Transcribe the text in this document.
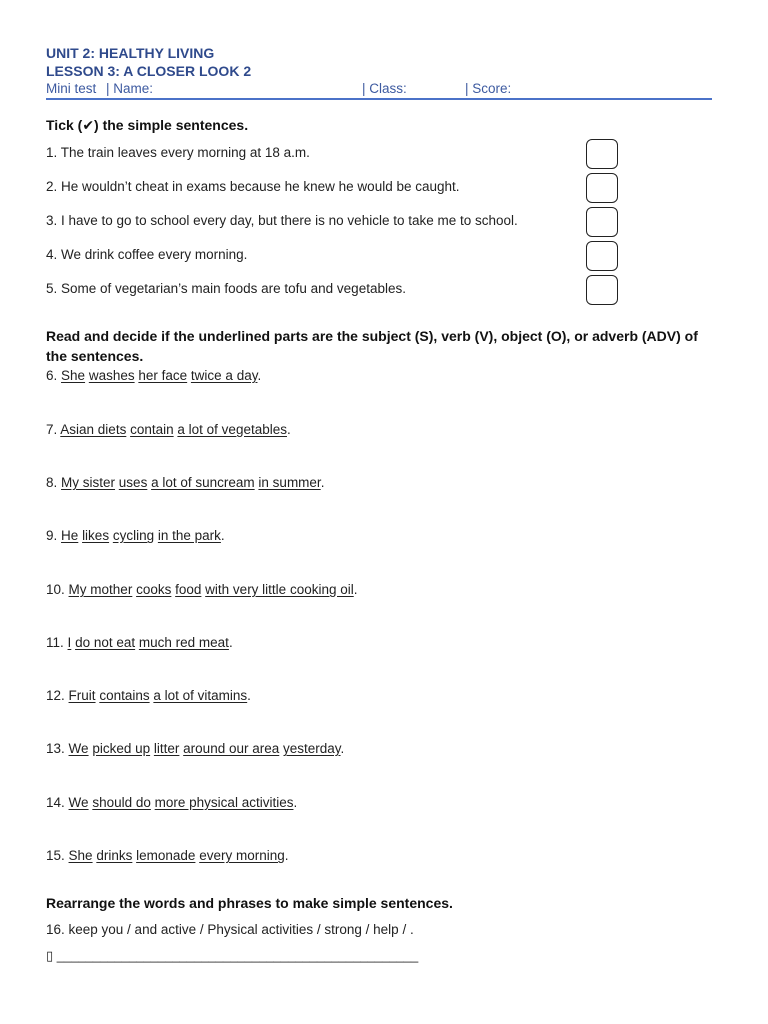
UNIT 2: HEALTHY LIVING
LESSON 3: A CLOSER LOOK 2
Mini test | Name:	| Class:	| Score:
Tick (✔) the simple sentences.
1. The train leaves every morning at 18 a.m.
2. He wouldn’t cheat in exams because he knew he would be caught.
3. I have to go to school every day, but there is no vehicle to take me to school.
4. We drink coffee every morning.
5. Some of vegetarian’s main foods are tofu and vegetables.
Read and decide if the underlined parts are the subject (S), verb (V), object (O), or adverb (ADV) of the sentences.
6. She washes her face twice a day.
7. Asian diets contain a lot of vegetables.
8. My sister uses a lot of suncream in summer.
9. He likes cycling in the park.
10. My mother cooks food with very little cooking oil.
11. I do not eat much red meat.
12. Fruit contains a lot of vitamins.
13. We picked up litter around our area yesterday.
14. We should do more physical activities.
15. She drinks lemonade every morning.
Rearrange the words and phrases to make simple sentences.
16. keep you / and active / Physical activities / strong / help / .
▯ __________________________________________________
